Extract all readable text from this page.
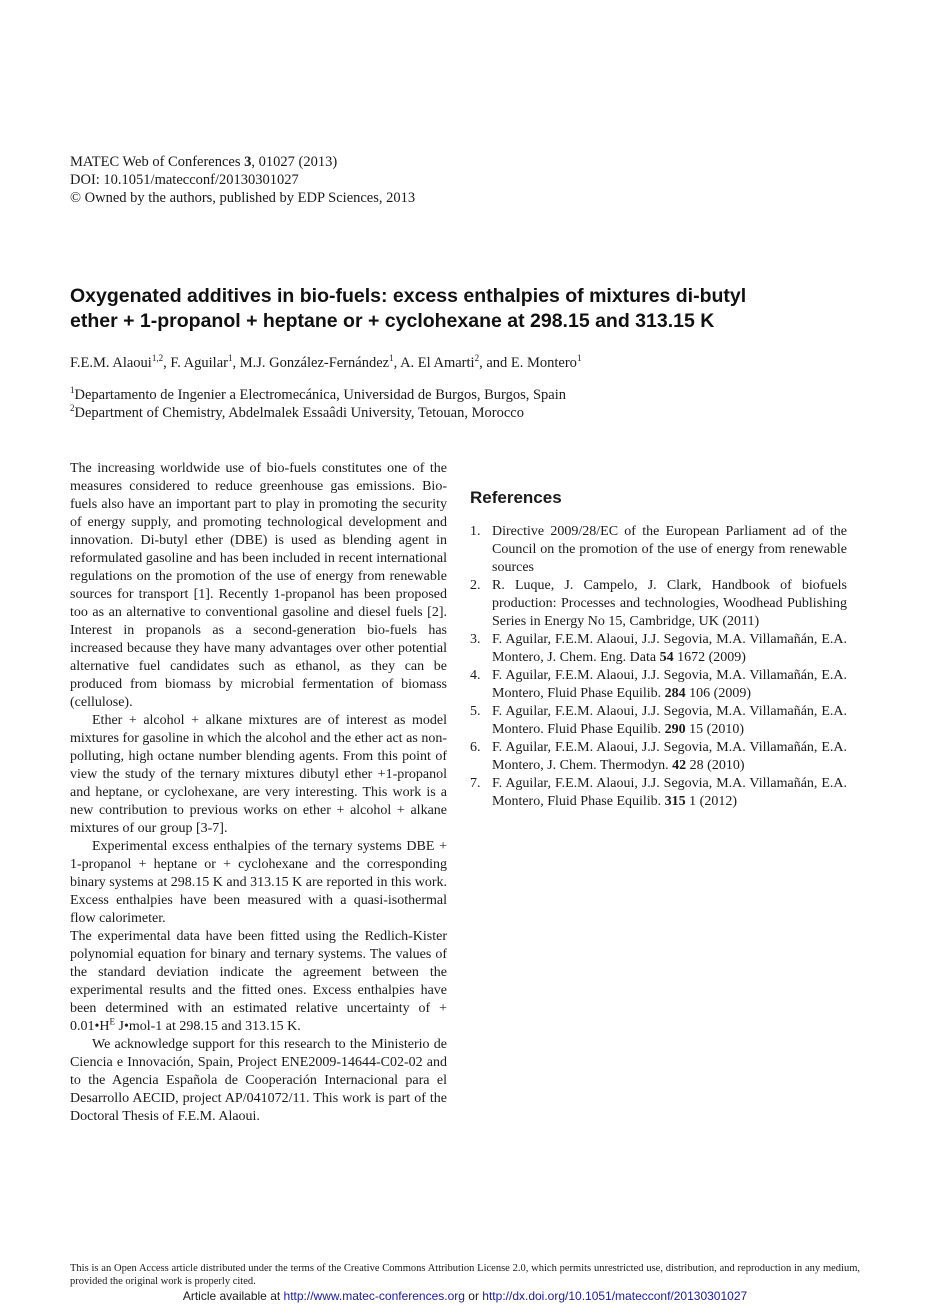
MATEC Web of Conferences 3, 01027 (2013)
DOI: 10.1051/matecconf/20130301027
© Owned by the authors, published by EDP Sciences, 2013
Oxygenated additives in bio-fuels: excess enthalpies of mixtures di-butyl
ether + 1-propanol + heptane or + cyclohexane at 298.15 and 313.15 K
F.E.M. Alaoui$^{1,2}$, F. Aguilar$^1$, M.J. González-Fernández$^1$, A. El Amarti$^2$, and E. Montero$^1$
$^1$Departamento de Ingenier a Electromecánica, Universidad de Burgos, Burgos, Spain
$^2$Department of Chemistry, Abdelmalek Essaâdi University, Tetouan, Morocco

The increasing worldwide use of bio-fuels constitutes one of the measures considered to reduce greenhouse gas emissions. Bio-fuels also have an important part to play in promoting the security of energy supply, and promoting technological development and innovation. Di-butyl ether (DBE) is used as blending agent in reformulated gasoline and has been included in recent international regulations on the promotion of the use of energy from renewable sources for transport [1]. Recently 1-propanol has been proposed too as an alternative to conventional gasoline and diesel fuels [2]. Interest in propanols as a second-generation bio-fuels has increased because they have many advantages over other potential alternative fuel candidates such as ethanol, as they can be produced from biomass by microbial fermentation of biomass (cellulose).

Ether + alcohol + alkane mixtures are of interest as model mixtures for gasoline in which the alcohol and the ether act as non-polluting, high octane number blending agents. From this point of view the study of the ternary mixtures dibutyl ether +1-propanol and heptane, or cyclohexane, are very interesting. This work is a new contribution to previous works on ether + alcohol + alkane mixtures of our group [3-7].

Experimental excess enthalpies of the ternary systems DBE + 1-propanol + heptane or + cyclohexane and the corresponding binary systems at 298.15 K and 313.15 K are reported in this work. Excess enthalpies have been measured with a quasi-isothermal flow calorimeter.

The experimental data have been fitted using the Redlich-Kister polynomial equation for binary and ternary systems. The values of the standard deviation indicate the agreement between the experimental results and the fitted ones. Excess enthalpies have been determined with an estimated relative uncertainty of + $0.01•H^E$ J•mol-1 at 298.15 and 313.15 K.

We acknowledge support for this research to the Ministerio de Ciencia e Innovación, Spain, Project ENE2009-14644-C02-02 and to the Agencia Española de Cooperación Internacional para el Desarrollo AECID, project AP/041072/11. This work is part of the Doctoral Thesis of F.E.M. Alaoui.

References
1. Directive 2009/28/EC of the European Parliament ad of the Council on the promotion of the use of energy from renewable sources
2. R. Luque, J. Campelo, J. Clark, Handbook of biofuels production: Processes and technologies, Woodhead Publishing Series in Energy No 15, Cambridge, UK (2011)
3. F. Aguilar, F.E.M. Alaoui, J.J. Segovia, M.A. Villamañán, E.A. Montero, J. Chem. Eng. Data 54 1672 (2009)
4. F. Aguilar, F.E.M. Alaoui, J.J. Segovia, M.A. Villamañán, E.A. Montero, Fluid Phase Equilib. 284 106 (2009)
5. F. Aguilar, F.E.M. Alaoui, J.J. Segovia, M.A. Villamañán, E.A. Montero. Fluid Phase Equilib. 290 15 (2010)
6. F. Aguilar, F.E.M. Alaoui, J.J. Segovia, M.A. Villamañán, E.A. Montero, J. Chem. Thermodyn. 42 28 (2010)
7. F. Aguilar, F.E.M. Alaoui, J.J. Segovia, M.A. Villamañán, E.A. Montero, Fluid Phase Equilib. 315 1 (2012)
This is an Open Access article distributed under the terms of the Creative Commons Attribution License 2.0, which permits unrestricted use, distribution, and reproduction in any medium, provided the original work is properly cited.
Article available at http://www.matec-conferences.org or http://dx.doi.org/10.1051/matecconf/20130301027
